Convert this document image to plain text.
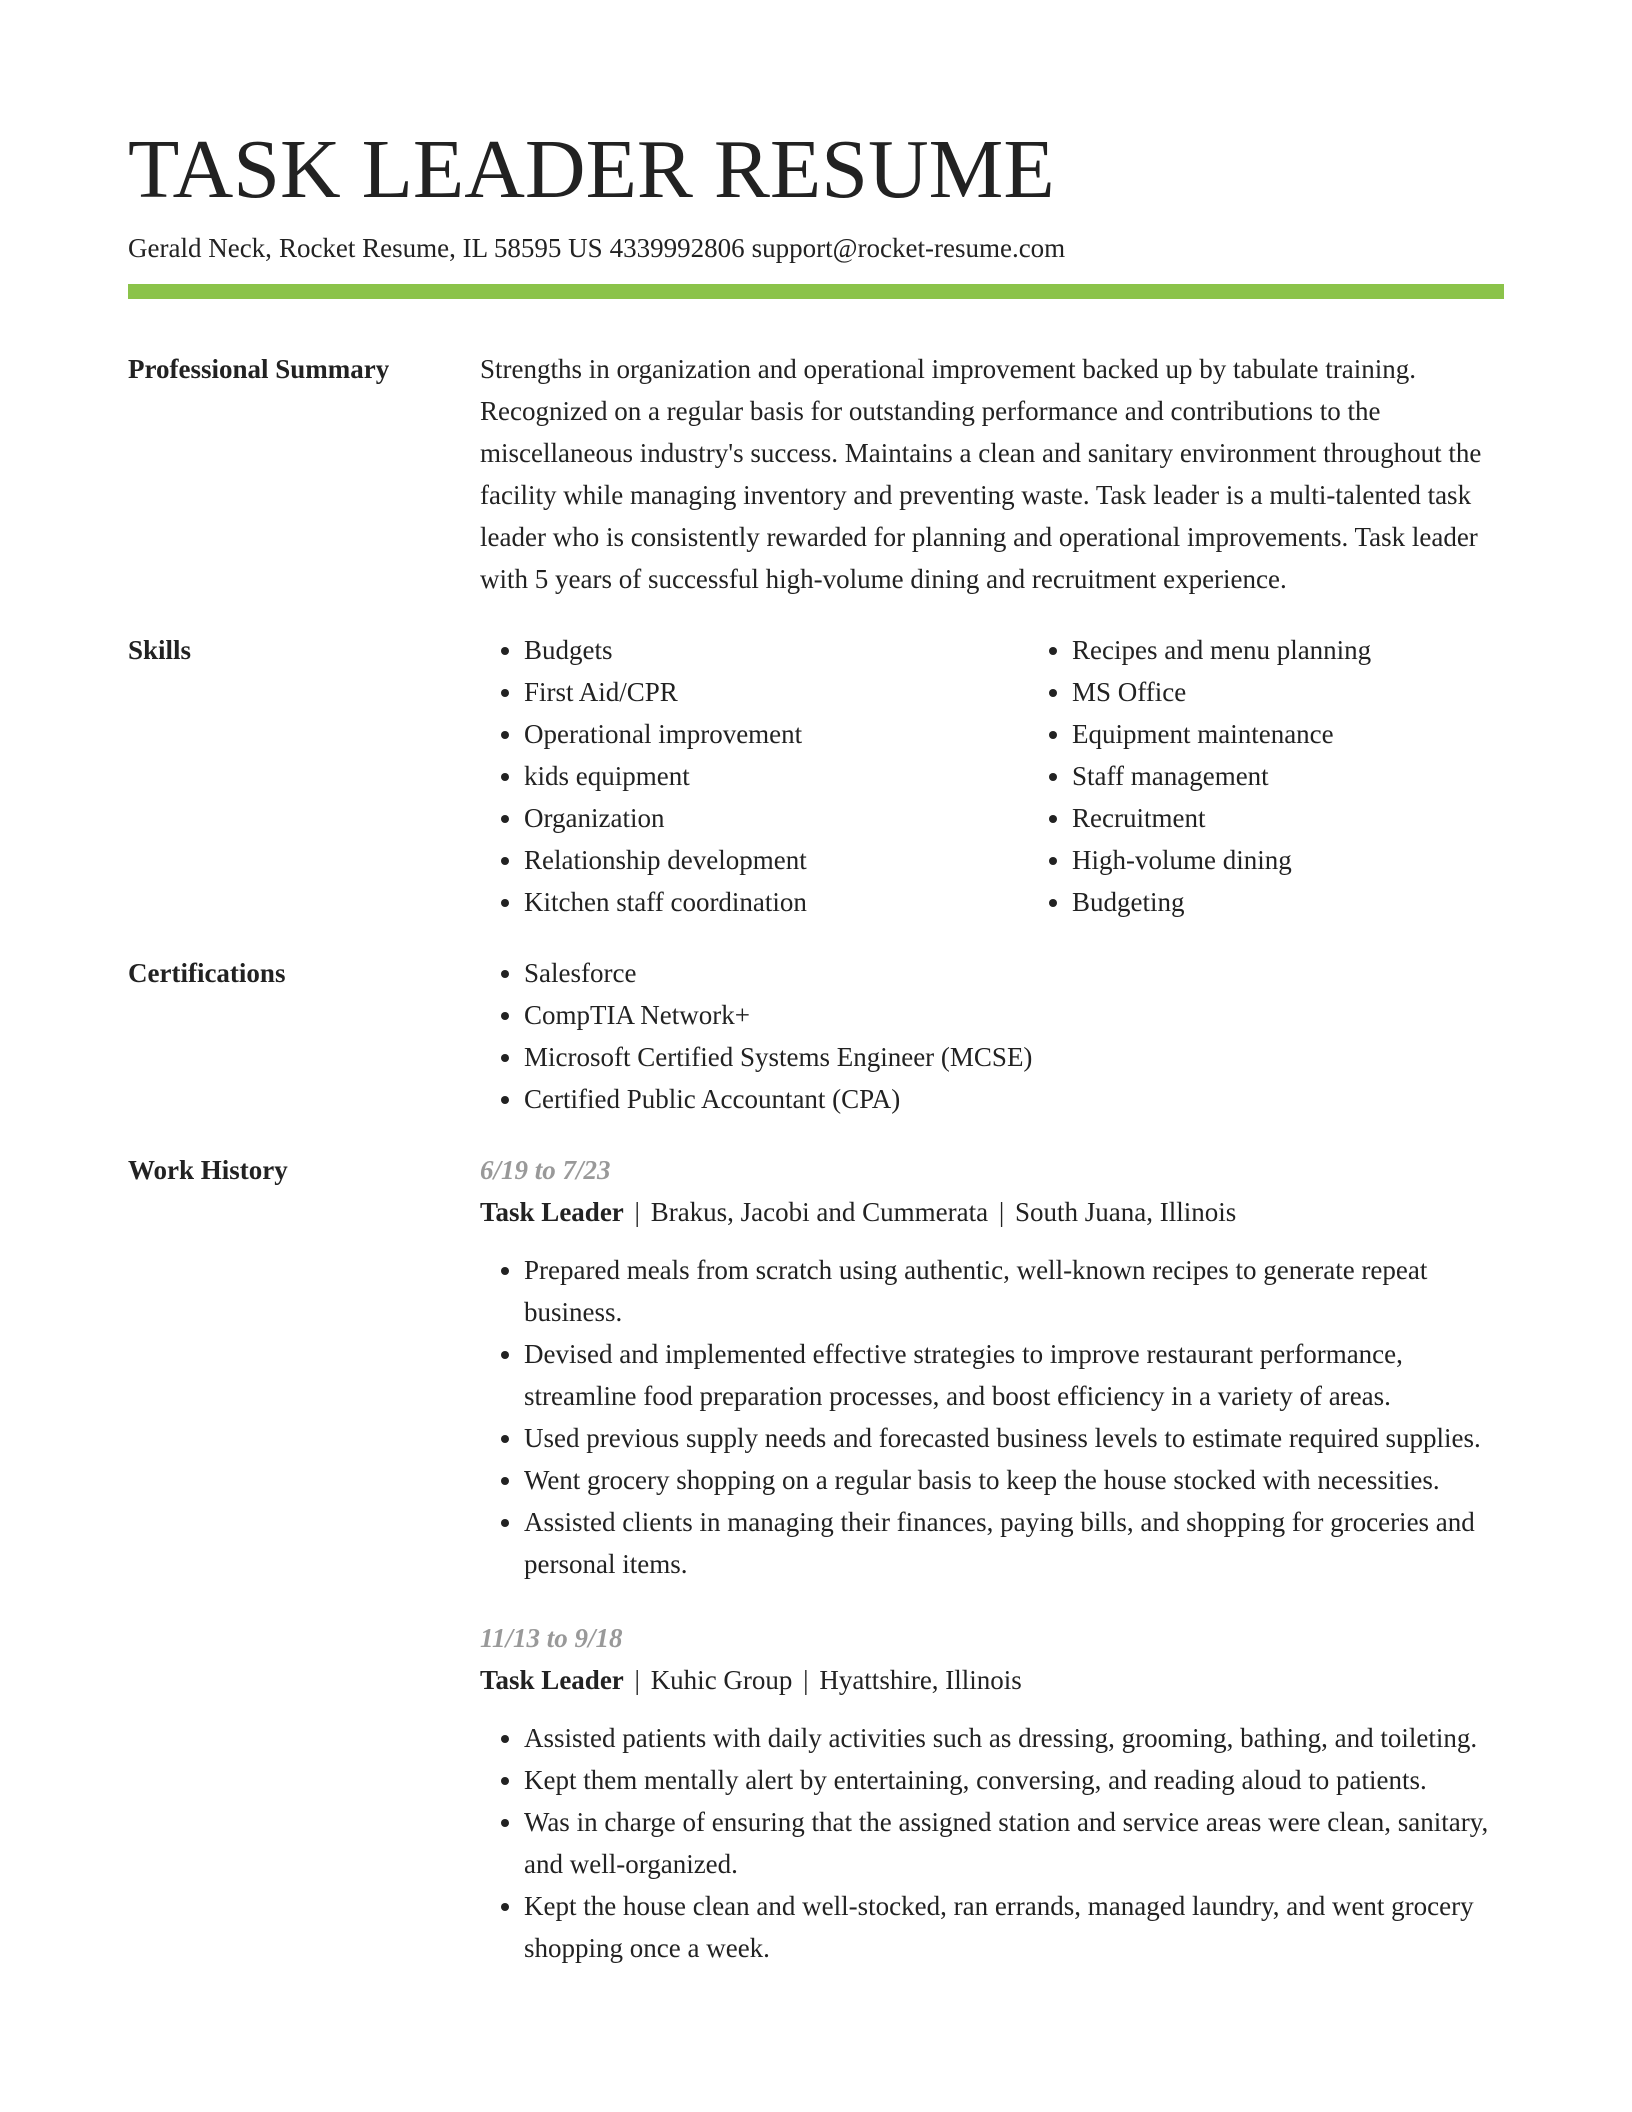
TASK LEADER RESUME
Gerald Neck, Rocket Resume, IL 58595 US 4339992806 support@rocket-resume.com
Professional Summary	Strengths in organization and operational improvement backed up by tabulate training. Recognized on a regular basis for outstanding performance and contributions to the miscellaneous industry's success. Maintains a clean and sanitary environment throughout the facility while managing inventory and preventing waste. Task leader is a multi-talented task leader who is consistently rewarded for planning and operational improvements. Task leader with 5 years of successful high-volume dining and recruitment experience.

Skills	• Budgets
• First Aid/CPR
• Operational improvement
• kids equipment
• Organization
• Relationship development
• Kitchen staff coordination
• Recipes and menu planning
• MS Office
• Equipment maintenance
• Staff management
• Recruitment
• High-volume dining
• Budgeting
Certifications	• Salesforce
• CompTIA Network+
• Microsoft Certified Systems Engineer (MCSE)
• Certified Public Accountant (CPA)
Work History	6/19 to 7/23
Task Leader | Brakus, Jacobi and Cummerata | South Juana, Illinois
• Prepared meals from scratch using authentic, well-known recipes to generate repeat business.
• Devised and implemented effective strategies to improve restaurant performance, streamline food preparation processes, and boost efficiency in a variety of areas.
• Used previous supply needs and forecasted business levels to estimate required supplies.
• Went grocery shopping on a regular basis to keep the house stocked with necessities.
• Assisted clients in managing their finances, paying bills, and shopping for groceries and personal items.
11/13 to 9/18
Task Leader | Kuhic Group | Hyattshire, Illinois
• Assisted patients with daily activities such as dressing, grooming, bathing, and toileting.
• Kept them mentally alert by entertaining, conversing, and reading aloud to patients.
• Was in charge of ensuring that the assigned station and service areas were clean, sanitary, and well-organized.
• Kept the house clean and well-stocked, ran errands, managed laundry, and went grocery shopping once a week.
